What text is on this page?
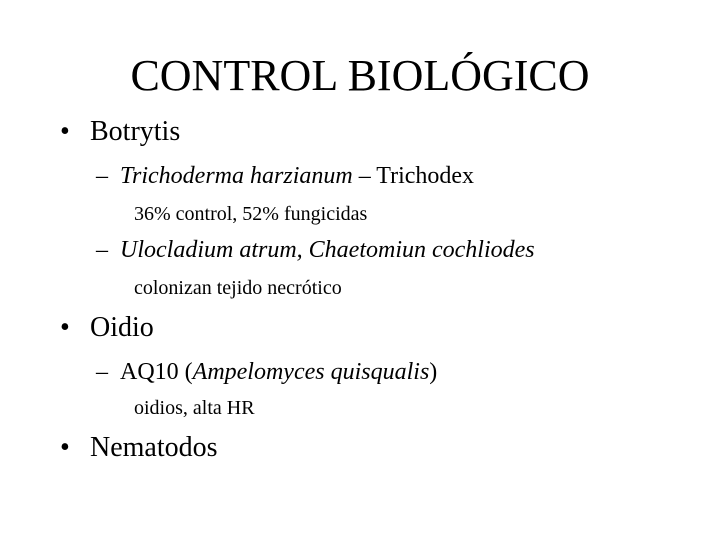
CONTROL BIOLÓGICO
• Botrytis
– Trichoderma harzianum – Trichodex
36% control, 52% fungicidas
– Ulocladium atrum, Chaetomiun cochliodes
colonizan tejido necrótico
• Oidio
– AQ10 (Ampelomyces quisqualis)
oidios, alta HR
• Nematodos
